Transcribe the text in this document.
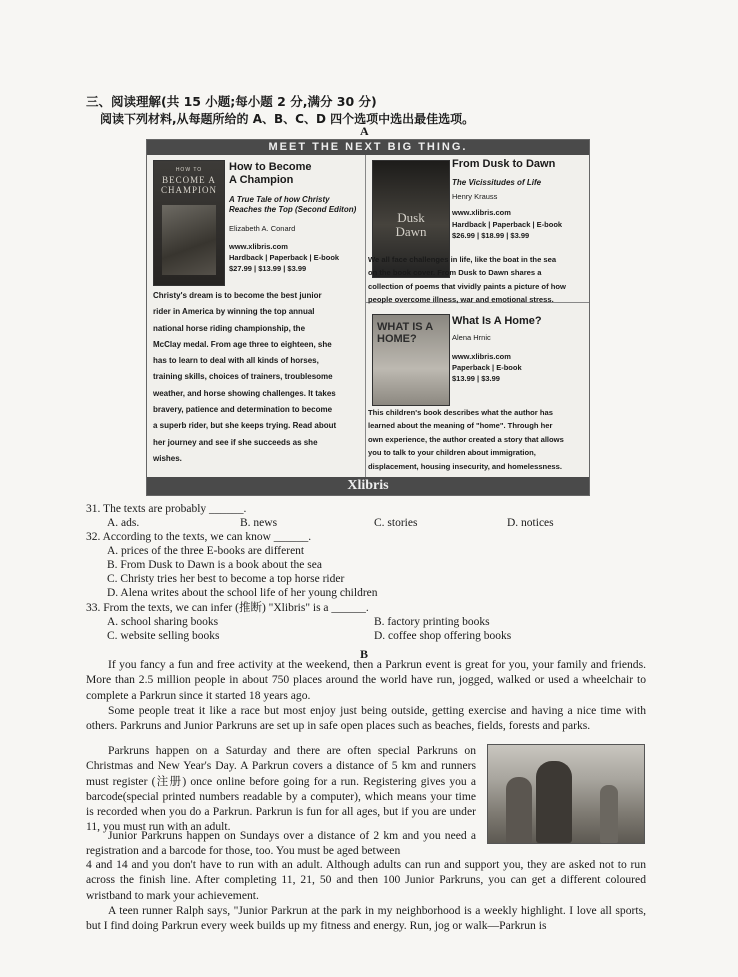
三、阅读理解(共 15 小题;每小题 2 分,满分 30 分)
阅读下列材料,从每题所给的 A、B、C、D 四个选项中选出最佳选项。
A
MEET THE NEXT BIG THING.
HOW TO
BECOME A CHAMPION
How to Become
A Champion
A True Tale of how Christy
Reaches the Top (Second Editon)
Elizabeth A. Conard
www.xlibris.com
Hardback | Paperback | E-book
$27.99 | $13.99 | $3.99
Christy's dream is to become the best junior
rider in America by winning the top annual
national horse riding championship, the
McClay medal. From age three to eighteen, she
has to learn to deal with all kinds of horses,
training skills, choices of trainers, troublesome
weather, and horse showing challenges. It takes
bravery, patience and determination to become
a superb rider, but she keeps trying. Read about
her journey and see if she succeeds as she
wishes.
Dusk
Dawn
From Dusk to Dawn
The Vicissitudes of Life
Henry Krauss
www.xlibris.com
Hardback | Paperback | E-book
$26.99 | $18.99 | $3.99
We all face challenges in life, like the boat in the sea
on the book cover. From Dusk to Dawn shares a
collection of poems that vividly paints a picture of how
people overcome illness, war and emotional stress.
WHAT IS A
HOME?
What Is A Home?
Alena Hrnic
www.xlibris.com
Paperback | E-book
$13.99 | $3.99
This children's book describes what the author has
learned about the meaning of "home". Through her
own experience, the author created a story that allows
you to talk to your children about immigration,
displacement, housing insecurity, and homelessness.
Xlibris
31. The texts are probably ______.
A. ads.	B. news	C. stories	D. notices
32. According to the texts, we can know ______.
A. prices of the three E-books are different
B. From Dusk to Dawn is a book about the sea
C. Christy tries her best to become a top horse rider
D. Alena writes about the school life of her young children
33. From the texts, we can infer (推断) "Xlibris" is a ______.
A. school sharing books	B. factory printing books
C. website selling books	D. coffee shop offering books
B
If you fancy a fun and free activity at the weekend, then a Parkrun event is great for you, your family and friends. More than 2.5 million people in about 750 places around the world have run, jogged, walked or used a wheelchair to complete a Parkrun since it started 18 years ago.
Some people treat it like a race but most enjoy just being outside, getting exercise and having a nice time with others. Parkruns and Junior Parkruns are set up in safe open places such as beaches, fields, forests and parks.
Parkruns happen on a Saturday and there are often special Parkruns on Christmas and New Year's Day. A Parkrun covers a distance of 5 km and runners must register (注册) once online before going for a run. Registering gives you a barcode(special printed numbers readable by a computer), which means your time is recorded when you do a Parkrun. Parkrun is fun for all ages, but if you are under 11, you must run with an adult.
Junior Parkruns happen on Sundays over a distance of 2 km and you need a registration and a barcode for those, too. You must be aged between
4 and 14 and you don't have to run with an adult. Although adults can run and support you, they are asked not to run across the finish line. After completing 11, 21, 50 and then 100 Junior Parkruns, you can get a different coloured wristband to mark your achievement.
A teen runner Ralph says, "Junior Parkrun at the park in my neighborhood is a weekly highlight. I love all sports, but I find doing Parkrun every week builds up my fitness and energy. Run, jog or walk—Parkrun is
